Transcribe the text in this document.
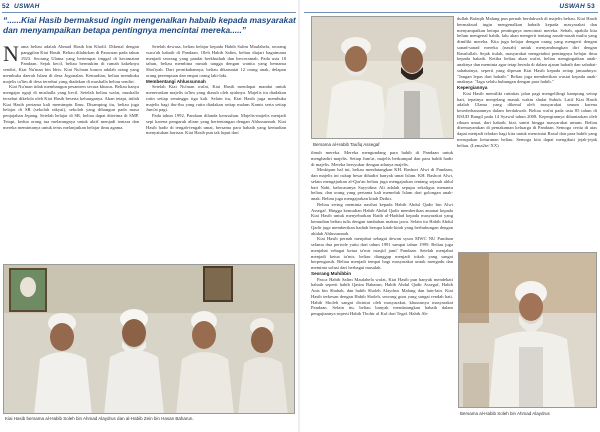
52 USWAH	USWAH 53
“......Kiai Hasib bermaksud ingin mengenalkan habaib kepada masyarakat dan menyampaikan betapa pentingnya mencintai mereka.....”
N ama beliau adalah Ahmad Hasib bin Kholil. Dikenal dengan panggilan Kiai Hasib. Beliau dilahirkan di Pasuruan pada tahun 1923. Seorang Ulama yang bertempat tinggal di kecamatan Pandaan. Sejak kecil, beliau bermukim di rumah kakeknya sendiri, Kiai Nu'man bin Idris. Kiai Nu'man konon adalah orang yang membuka daerah Islam di desa Jogonalan. Kemudian, beliau membuka majelis ta'lim di desa tersebut yang diadakan di mushalla beliau sendiri.

Kiai Nu'man tidak membangun pesantren secara khusus. Beliau hanya mengajar ngaji di mushalla yang kecil. Setelah beliau wafat, mushalla tersebut dikelola oleh Kiai Hasib beserta keluarganya. Akan tetapi, inilah Kiai Hasib pertama kali memimpin Ilmu. Disamping itu, beliau juga belajar di SR (sekolah rakyat), sekolah yang dibangun pada masa penjajahan Jepang. Setelah belajar di SR, beliau dapat diterima di SMP. Tetapi, kedua orang tua melarangnya untuk aktif menjadi tentara dan mereka memintanya untuk terus melanjutkan belajar ilmu agama.

Setelah dewasa, beliau belajar kepada Habib Salim Maulahela, seorang wara'ah habaib di Pandaan. Oleh Habib Salim, beliau diajari bagaimana menjadi seorang yang pandai berkhutbah dan berceramah. Pada usia 18 tahun, beliau membina rumah tangga dengan wanita yang bernama Shofiyah. Dari pernikahannya, beliau dikaruniai 12 orang anak, delapan orang perempuan dan empat orang laki-laki.

Membentangi Ahlussunnah

Setelah Kiai Nu'man wafat, Kiai Hasib mendapat mandat untuk meneruskan majelis ta'lim yang diasuh oleh ayahnya. Majelis itu diadakan rutin setiap seminggu tiga kali. Selain itu, Kiai Hasib juga membuka majelis bagi ibu-ibu yang rutin diadakan setiap malam Kamis serta setiap Jum'at pagi.

Pada tahun 1992, Pandaan dilanda kerusuhan. Majelis-majelis menjadi sepi karena pengaruh aliran yang bertentangan dengan Ahlussunnah. Kiai Hasib hadir di tengah-tengah umat, bersama para habaib yang kemudian menyatukan barisan. Kiai Hasib pun tak luput dari

Bersama al-Habib Taufiq Assegaf

ilmuh mereka. Mereka mengundang para habib di Pandaan untuk menghadiri majelis. Setiap Jum'at, majelis berkumpul dan para habib hadir di majelis. Mereka bersyukur dengan adanya majelis.

Meskipun hal ini, beliau mendatangkan KH. Bashori Alwi di Pandaan, dan majelis ini cukup besar dihadiri banyak umat Islam. KH. Bashori Alwi, selain mengajarkan al-Qur'an beliau juga mengajarkan tentang sejarah ahlul bait Nabi, bahwasanya Sayyidina Ali adalah sepupu sekaligus menantu beliau, dan orang yang pertama kali memeluk Islam dari golongan anak-anak. Beliau juga mengajarkan kitab Dzikir.

Beliau sering meminta nasihat kepada Habib Abdul Qadir bin Alwi Assegaf. Hingga kemudian Habib Abdul Qadir memberikan amanat kepada Kiai Hasib untuk menyebarkan Ratib al-Haddad kepada masyarakat yang kemudian beliau tulis dengan tambahan makna jawa. Selain itu Habib Abdul Qadir juga memberikan hadiah berupa kitab-kitab yang berhubungan dengan akidah Ahlussunnah.

Kiai Hasib pernah menjabat sebagai dewan syura MWC NU Pandaan selama dua periode yaitu dari tahun 1991 sampai tahun 1999. Beliau juga menjabat sebagai ketua ta'mir masjid jami' Pandaan. Setelah menjabat menjadi ketua ta'mir, beliau dianggap menjadi tokoh yang sangat berpengaruh. Beliau menjadi tempat bagi masyarakat untuk mengadu dan meminta solusi dari berbagai masalah.

Seorang Muhibbin

Pasca Habib Salim Maulahela wafat, Kiai Hasib pun banyak mendekati habaib seperti habib Qasim Baharun, Habib Abdul Qadir Assegaf, Habib Anis bin Shahab, dan habib Sholeh Alaydrus Malang dan lain-lain. Kiai Hasib terkesan dengan Habib Sholeh, seorang guru yang sangat rendah hati. Habib Sholeh sangat dicintai oleh masyarakat, khususnya masyarakat Pandaan. Selain itu, beliau banyak mendatangkan habaib dalam pengajiannya seperti Habib Thohir al Kaf dari Tegal. Habib Ab-

dullah Bafaqih Malang pun pernah berdakwah di majelis beliau. Kiai Hasib bermaksud ingin mengenalkan habaib kepada masyarakat dan menyampaikan betapa pentingnya mencintai mereka. Sebab, apabila kita belum mengenal habib, lalu akan mengerti tentang nasab-nasab mulia yang dimiliki mereka. Kita juga belajar dengan orang yang mengerti dengan sanad-sanad mereka (nasab) untuk menyambungkan diri dengan Rasulullah. Sejak itulah, masyarakat mengetahui pentingnya belajar ilmu kepada habaib. Ketika beliau akan wafat, beliau mengingatkan anak-anaknya dan meminta agar tetap berada di dalam ajaran habaib dan sahabat-sahabatnya, seperti yang dipesan Kiai Hasib kepada setiap jamaahnya: "Jangan lepas dari habaib." Beliau juga memberikan wasiat kepada anak-anaknya: "Jaga selalu hubungan dengan para habib."

Kepergiannya

Kiai Hasib memiliki rutinitas jalan pagi mengelilingi kampung setiap hari, tepatnya menjelang masuk waktu shalat Subuh. Latif Kiai Hasib adalah Ulama yang dikenal oleh masyarakat umum karena kesederhanaannya dalam berdakwah. Beliau wafat pada usia 85 tahun di RSUD Bangil pada 14 Syawal tahun 2008. Kepergiannya dihantarkan oleh ribuan umat, dari habaib, kiai, santri hingga masyarakat umum. Beliau disemayamkan di pemakaman keluarga di Pandaan. Semoga cerita di atas dapat menjadi teladan bagi kita untuk mencintai Rasul dan para habib yang merupakan keturunan beliau. Semoga kita dapat mengikuti jejak-jejak beliau. (Lema2te/ XX)

Bersama al-Habib Soleh bin Ahmad Alaydrus
Kiai Hasib bersama al-Habib Soleh bin Ahmad Alaydrus dan al-Habib Zein bin Hasan Baharun.
